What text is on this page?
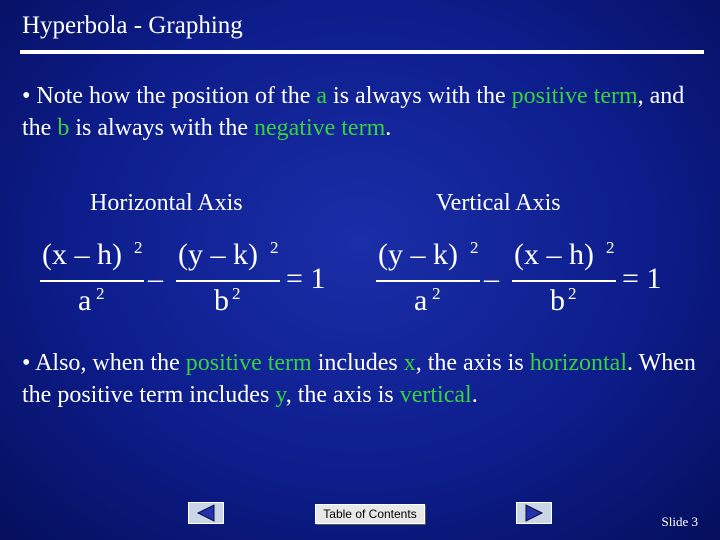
Hyperbola - Graphing
• Note how the position of the a is always with the positive term, and the b is always with the negative term.
Horizontal Axis	Vertical Axis
(x – h) 2
a 2 –
(y – k) 2
b 2 = 1
(y – k) 2
a 2 –
(x – h) 2
b 2 = 1
• Also, when the positive term includes x, the axis is horizontal. When the positive term includes y, the axis is vertical.
Table of Contents	Slide 3
